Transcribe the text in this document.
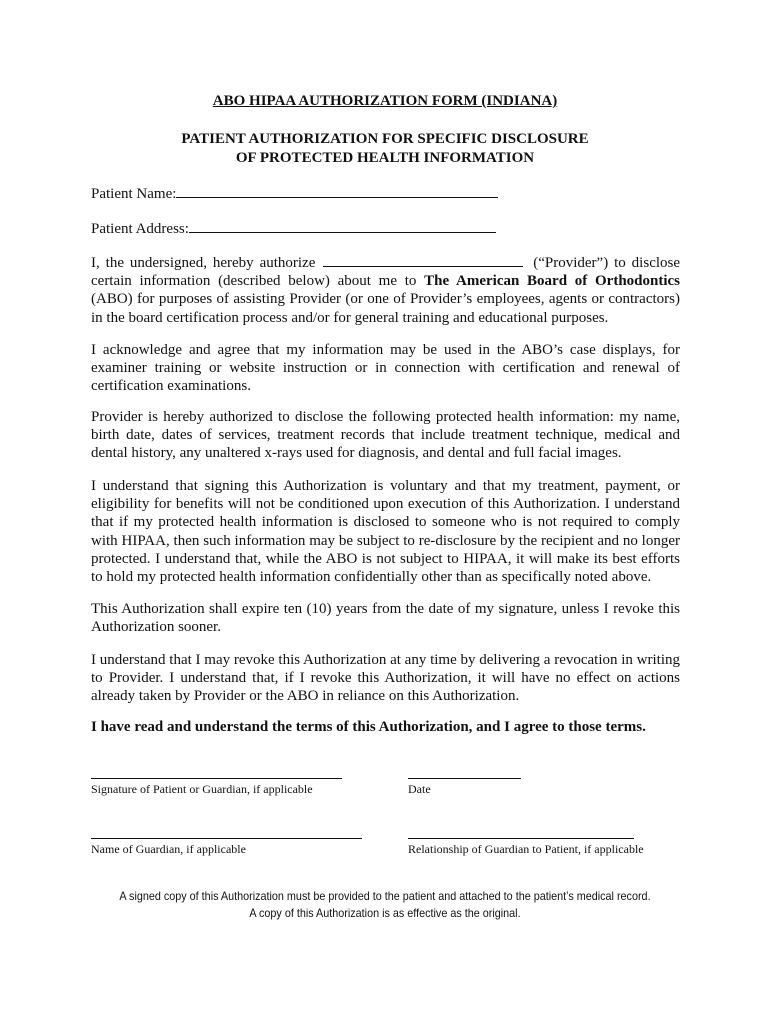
ABO HIPAA AUTHORIZATION FORM (INDIANA)

PATIENT AUTHORIZATION FOR SPECIFIC DISCLOSURE

OF PROTECTED HEALTH INFORMATION

Patient Name:
Patient Address:

I, the undersigned, hereby authorize	(“Provider”) to disclose certain information (described below) about me to The American Board of Orthodontics (ABO) for purposes of assisting Provider (or one of Provider’s employees, agents or contractors) in the board certification process and/or for general training and educational purposes.

I acknowledge and agree that my information may be used in the ABO’s case displays, for examiner training or website instruction or in connection with certification and renewal of certification examinations.

Provider is hereby authorized to disclose the following protected health information: my name, birth date, dates of services, treatment records that include treatment technique, medical and dental history, any unaltered x-rays used for diagnosis, and dental and full facial images.

I understand that signing this Authorization is voluntary and that my treatment, payment, or eligibility for benefits will not be conditioned upon execution of this Authorization. I understand that if my protected health information is disclosed to someone who is not required to comply with HIPAA, then such information may be subject to re-disclosure by the recipient and no longer protected. I understand that, while the ABO is not subject to HIPAA, it will make its best efforts to hold my protected health information confidentially other than as specifically noted above.

This Authorization shall expire ten (10) years from the date of my signature, unless I revoke this Authorization sooner.

I understand that I may revoke this Authorization at any time by delivering a revocation in writing to Provider. I understand that, if I revoke this Authorization, it will have no effect on actions already taken by Provider or the ABO in reliance on this Authorization.

I have read and understand the terms of this Authorization, and I agree to those terms.

Signature of Patient or Guardian, if applicable	Date

Name of Guardian, if applicable	Relationship of Guardian to Patient, if applicable

A signed copy of this Authorization must be provided to the patient and attached to the patient’s medical record.

A copy of this Authorization is as effective as the original.
